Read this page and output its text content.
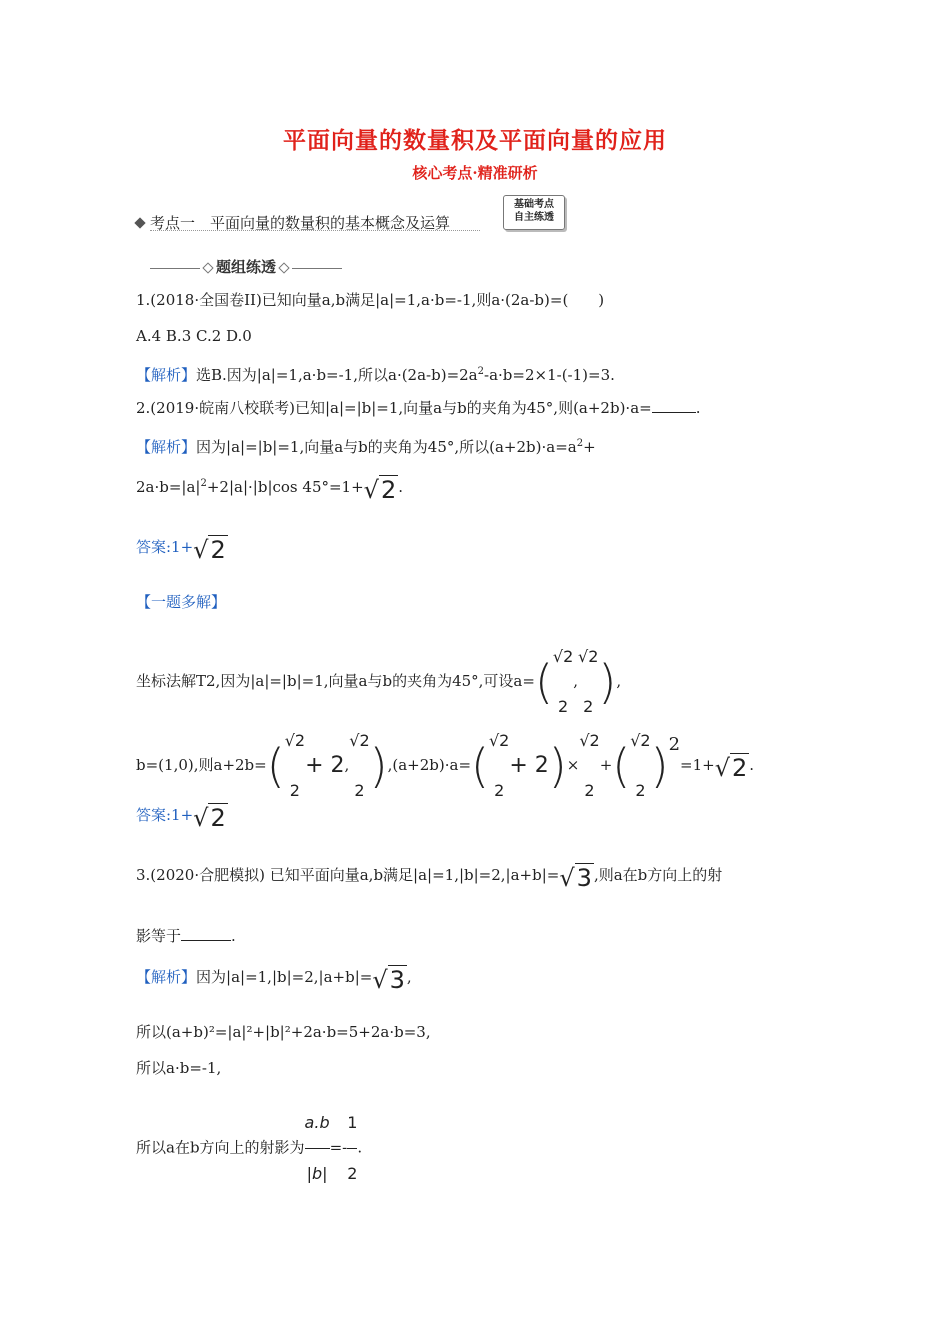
平面向量的数量积及平面向量的应用
核心考点·精准研析
考点一　平面向量的数量积的基本概念及运算
基础考点
自主练透
题组练透
1.(2018·全国卷II)已知向量a,b满足|a|=1,a·b=-1,则a·(2a-b)=(　　)
A.4 B.3 C.2 D.0
【解析】选B.因为|a|=1,a·b=-1,所以$a\cdot(2a-b)=2a^2-a\cdot b=2\times 1-(-1)=3$.
2.(2019·皖南八校联考)已知|a|=|b|=1,向量a与b的夹角为45°,则(a+2b)·a=	.
【解析】因为|a|=|b|=1,向量a与b的夹角为45°,所以$(a+2b)\cdot a=a^2+$
$2a\cdot b=|a|^2+2|a|\cdot|b|\cos$ 45°=1+√2 .
答案:1+√2
【一题多解】
坐标法解T2,因为|a|=|b|=1,向量a与b的夹角为45°,可设a=( √2
2
,
√2
2 ),
b=(1,0),则a+2b=( √2
2
+ 2,
√2
2 ),(a+2b)·a=( √2
2
+ 2)×
√2
2
+( √2
2 )$^2$=1+√2 .
答案:1+√2
3.(2020·合肥模拟) 已知平面向量a,b满足|a|=1,|b|=2,|a+b|=√3 ,则a在b方向上的射
影等于	.
【解析】因为|a|=1,|b|=2,|a+b|=√3 ,
所以(a+b)²=|a|²+|b|²+2a·b=5+2a·b=3,
所以a·b=-1,
所以a在b方向上的射影为 $\frac{a.b}{|b|} =- \frac{1}{2}$ .
